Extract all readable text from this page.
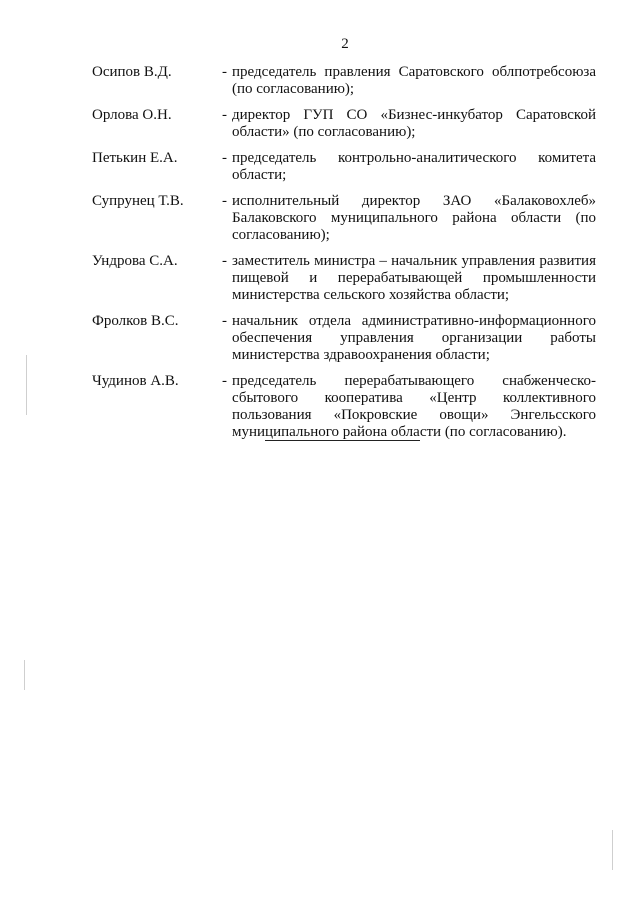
2
Осипов В.Д.	- председатель правления Саратовского облпотребсоюза (по согласованию);
Орлова О.Н.	- директор ГУП СО «Бизнес-инкубатор Саратовской области» (по согласованию);
Петькин Е.А.	- председатель контрольно-аналитического комитета области;
Супрунец Т.В.	- исполнительный директор ЗАО «Балаковохлеб» Балаковского муниципального района области (по согласованию);
Ундрова С.А.	- заместитель министра – начальник управления развития пищевой и перерабатывающей промышленности министерства сельского хозяйства области;
Фролков В.С.	- начальник отдела административно-информационного обеспечения управления организации работы министерства здравоохранения области;
Чудинов А.В.	- председатель перерабатывающего снабженческо-сбытового кооператива «Центр коллективного пользования «Покровские овощи» Энгельсского муниципального района области (по согласованию).
